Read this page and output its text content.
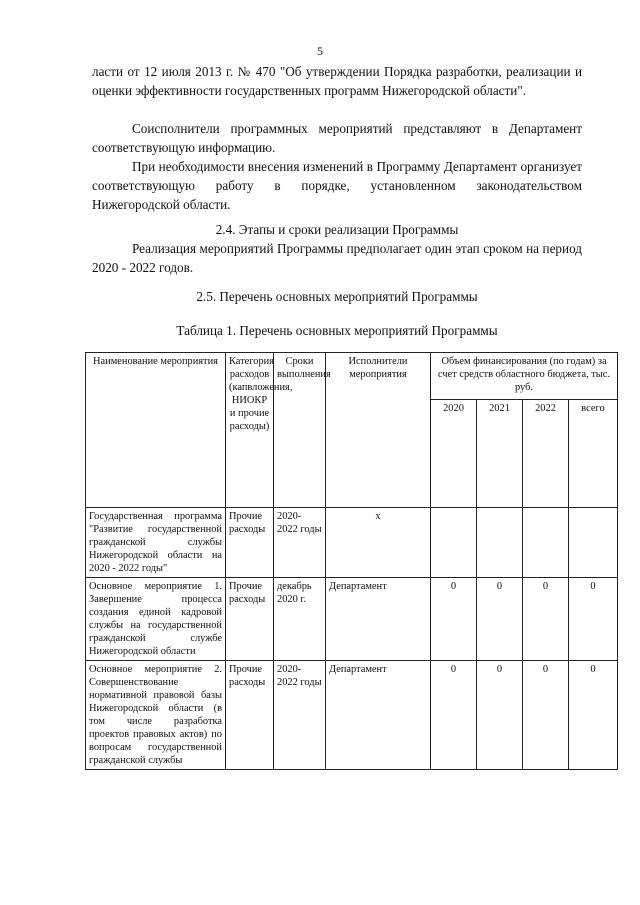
5
ласти от 12 июля 2013 г. № 470 "Об утверждении Порядка разработки, реализации и оценки эффективности государственных программ Нижегородской области".
Соисполнители программных мероприятий представляют в Департамент соответствующую информацию.
При необходимости внесения изменений в Программу Департамент организует соответствующую работу в порядке, установленном законодательством Нижегородской области.
2.4. Этапы и сроки реализации Программы
Реализация мероприятий Программы предполагает один этап сроком на период 2020 - 2022 годов.
2.5. Перечень основных мероприятий Программы
Таблица 1. Перечень основных мероприятий Программы
Наименование мероприятия	Категория расходов (капвложения, НИОКР и прочие расходы)	Сроки выполнения	Исполнители мероприятия	Объем финансирования (по годам) за счет средств областного бюджета, тыс. руб.			
				2020	2021	2022	всего
Государственная программа "Развитие государственной гражданской службы Нижегородской области на 2020 - 2022 годы"	Прочие расходы	2020-2022 годы	х				
Основное мероприятие 1. Завершение процесса создания единой кадровой службы на государственной гражданской службе Нижегородской области	Прочие расходы	декабрь 2020 г.	Департамент	0	0	0	0
Основное мероприятие 2. Совершенствование нормативной правовой базы Нижегородской области (в том числе разработка проектов правовых актов) по вопросам государственной гражданской службы	Прочие расходы	2020-2022 годы	Департамент	0	0	0	0
